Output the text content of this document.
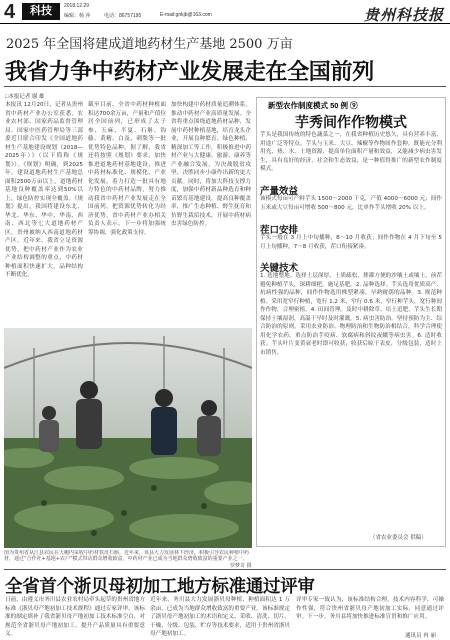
4	科技	2018.12.29
编辑：杨 萍	电话：86757195	E-mail:gnkjb@163.com	贵州科技报
2025 年全国将建成道地药材生产基地 2500 万亩
我省力争中药材产业发展走在全国前列
□本报记者 谢 雄
本报讯 12月20日，记者从贵州省中药材产业办公室获悉，农业农村部、国家药品监督管理局、国家中医药管理局等三部委近日联合印发《全国道地药材生产基地建设规划（2018—2025年）》（以下简称《规划》）。《规划》明确，到2025年，建设道地药材生产基地总面积2500万亩以上，道地药材基地良种覆盖率达到50%以上，绿色防控实现全覆盖。《规划》提出，我国将建设东北、华北、华东、华中、华南、西南、西北等七大道地药材产区，贵州被纳入西南道地药材产区。近年来，我省立足资源优势，把中药材产业作为农业产业结构调整的重点，中药材种植面积快速扩大，品种结构不断优化。
截至目前，全省中药材种植面积达700余万亩，产量和产值位居全国前列，已形成了太子参、天麻、半夏、石斛、钩藤、黄精、白及、刺梨等一批优势特色品种。据了解，我省还将按照《规划》要求，加快推进道地药材基地建设，推进中药材标准化、规模化、产业化发展，着力打造一批具有地方特色的中药材品牌，努力推动我省中药材产业发展走在全国前列，把资源优势转化为经济优势。省中药材产业办相关负责人表示，下一步将加强统筹协调，强化政策支持。
加快构建中药材质量追溯体系，推动中药材产业高质量发展。全省将重点围绕道地药材品种，发展中药材种植基地，培育龙头企业，开展良种繁育、绿色种植、精深加工等工作，积极推进中药材产业与大健康、旅游、康养等产业融合发展，为决战脱贫攻坚、决胜同步小康作出新的更大贡献。同时，将加大科技支撑力度，加强中药材新品种选育和种苗繁育基地建设，提高良种覆盖率，推广生态种植、野生抚育和仿野生栽培技术，开展中药材病虫害绿色防控。
图为贵州省从江县农民在大棚内采收中药材铁皮石斛。近年来，该县大力发展林下经济，积极引导农民种植中药材，通过“合作社+基地+农户”模式带动群众增收致富，中药材产业已成为当地群众增收致富的重要产业之一。
罗梦奇 摄
新型农作制度模式 50 例 ⑨
芋秀间作作物模式
芋头是我国传统的特色蔬菜之一，在我省种植历史悠久，具有营养丰富、用途广泛等特点。芋头与玉米、大豆、辣椒等作物间作套种，既能充分利用光、热、水、土地资源，提高单位面积产量和效益，又能减少病虫害发生，具有良好的经济、社会和生态效益，是一种值得推广的新型农作制度模式。
产量效益
该模式每亩可产鲜芋头 1500～2000 千克，产值 4000～6000 元；间作玉米或大豆每亩可增收 500～800 元，比单作芋头增收 20% 以上。
茬口安排
芋头一般在 3 月上中旬播种，8～10 月收获；间作作物在 4 月下旬至 5 月上旬播种，7～8 月收获，茬口衔接紧凑。
关键技术
1. 选地整地。选择土层深厚、土质疏松、排灌方便的沙壤土或壤土，前茬避免种植芋头，深耕细耙，施足基肥。2. 品种选择。芋头选用优质高产、抗病性强的品种，间作作物选用株型紧凑、早熟耐荫的品种。3. 规范种植。采用宽窄行种植，宽行 1.2 米，窄行 0.6 米，窄行种芋头，宽行种间作作物，合理密植。4. 田间管理。及时中耕除草、培土追肥，芋头生长期保持土壤湿润，高温干旱时及时灌溉。5. 病虫害防治。坚持预防为主、综合防治的原则，采用农业防治、物理防治和生物防治相结合，科学合理使用化学农药，重点防治芋疫病、软腐病和斜纹夜蛾等病虫害。6. 适时收获。芋头叶片变黄衰老时即可收获，收获后晾干表皮，分级包装，适时上市销售。
（省农业委员会 供稿）
全省首个浙贝母初加工地方标准通过评审
日前，由遵义市务川县农业农村局牵头起草的贵州省地方标准《浙贝母产地初加工技术规程》通过专家评审。该标准的制定填补了我省浙贝母产地初加工技术标准空白，对规范全省浙贝母产地初加工，提升产品质量具有重要意义。
近年来，务川县大力发展浙贝母种植，种植面积达 1 万余亩，已成为当地群众增收致富的重要产业。该标准规定了浙贝母产地初加工的术语和定义、采收、清洗、切片、干燥、分级、包装、贮存等技术要求，适用于贵州省浙贝母产地初加工。
评审专家一致认为，该标准结构合理，技术内容科学，可操作性强，符合贵州省浙贝母产地初加工实际，同意通过评审。下一步，务川县将加快推进标准宣贯和推广应用。
通讯员 冉 丽
